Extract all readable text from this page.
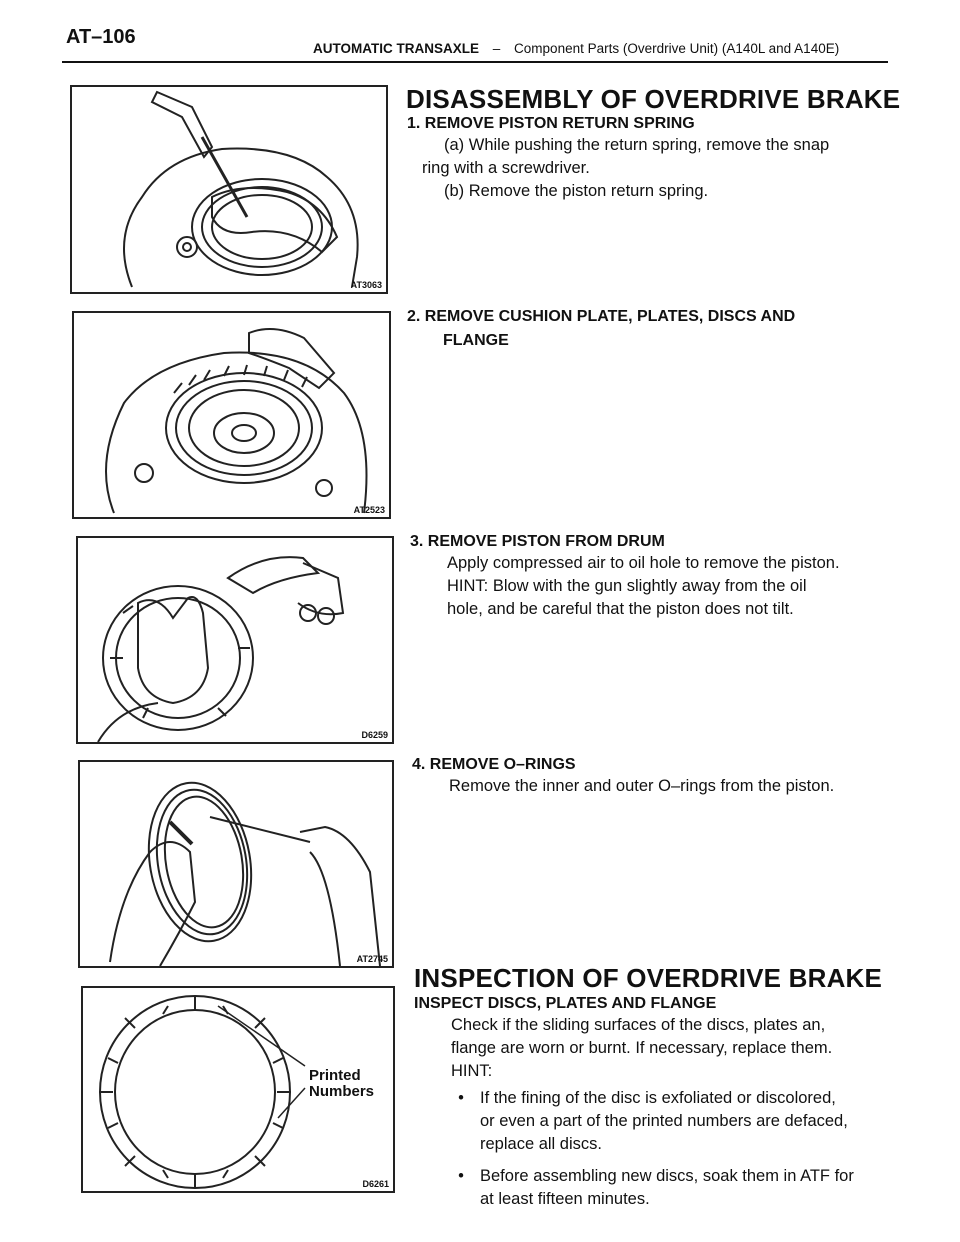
AT–106
AUTOMATIC TRANSAXLE – Component Parts (Overdrive Unit) (A140L and A140E)
AT3063
AT2523
D6259
AT2745
Printed
Numbers
D6261
DISASSEMBLY OF OVERDRIVE BRAKE
1. REMOVE PISTON RETURN SPRING
(a) While pushing the return spring, remove the snap
ring with a screwdriver.
(b) Remove the piston return spring.
2. REMOVE CUSHION PLATE, PLATES, DISCS AND
FLANGE
3. REMOVE PISTON FROM DRUM
Apply compressed air to oil hole to remove the piston.
HINT: Blow with the gun slightly away from the oil
hole, and be careful that the piston does not tilt.
4. REMOVE O–RINGS
Remove the inner and outer O–rings from the piston.
INSPECTION OF OVERDRIVE BRAKE
INSPECT DISCS, PLATES AND FLANGE
Check if the sliding surfaces of the discs, plates an,
flange are worn or burnt. If necessary, replace them.
HINT:
• If the fining of the disc is exfoliated or discolored,
or even a part of the printed numbers are defaced,
replace all discs.
• Before assembling new discs, soak them in ATF for
at least fifteen minutes.
